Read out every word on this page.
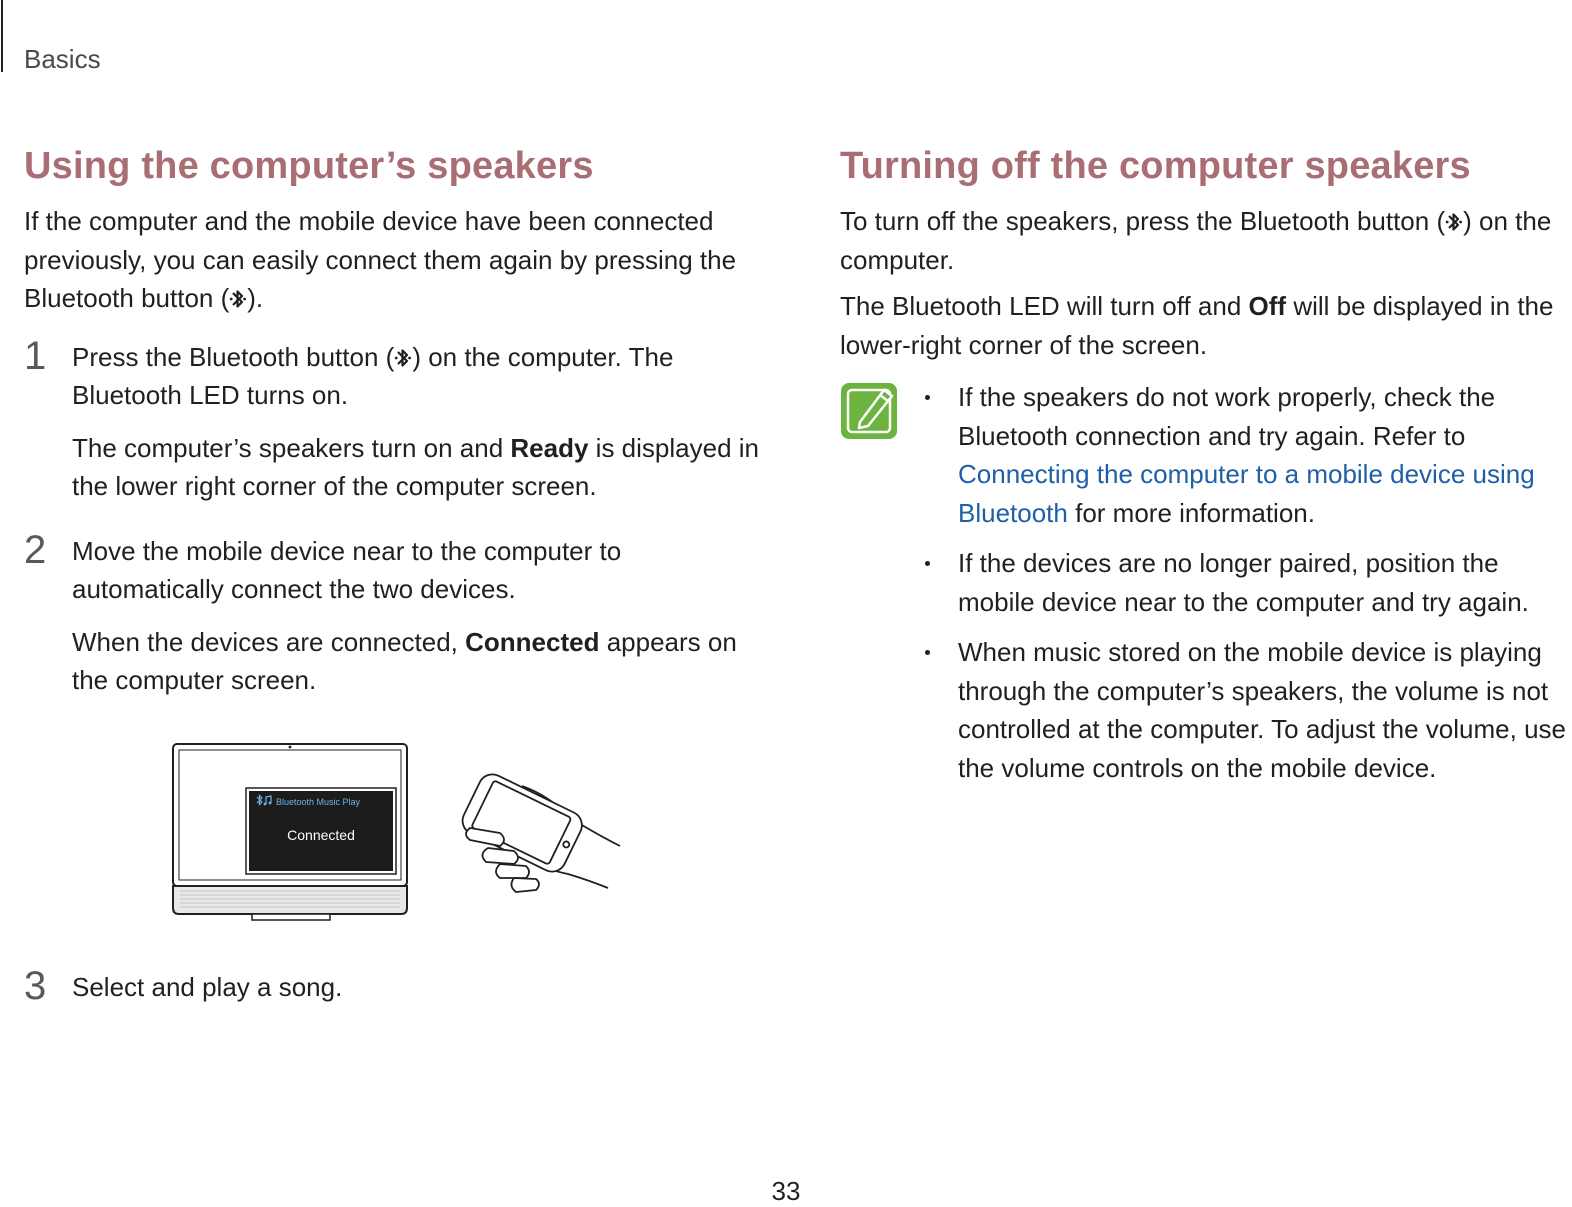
Basics
Using the computer’s speakers

If the computer and the mobile device have been connected previously, you can easily connect them again by pressing the Bluetooth button ( ).

1 Press the Bluetooth button ( ) on the computer. The Bluetooth LED turns on.

The computer’s speakers turn on and Ready is displayed in the lower right corner of the computer screen.

2 Move the mobile device near to the computer to automatically connect the two devices.

When the devices are connected, Connected appears on the computer screen.

Bluetooth Music Play
Connected
3 Select and play a song.

Turning off the computer speakers

To turn off the speakers, press the Bluetooth button ( ) on the computer.

The Bluetooth LED will turn off and Off will be displayed in the lower-right corner of the screen.

If the speakers do not work properly, check the Bluetooth connection and try again. Refer to Connecting the computer to a mobile device using Bluetooth for more information.

If the devices are no longer paired, position the mobile device near to the computer and try again.

When music stored on the mobile device is playing through the computer’s speakers, the volume is not controlled at the computer. To adjust the volume, use the volume controls on the mobile device.

33
